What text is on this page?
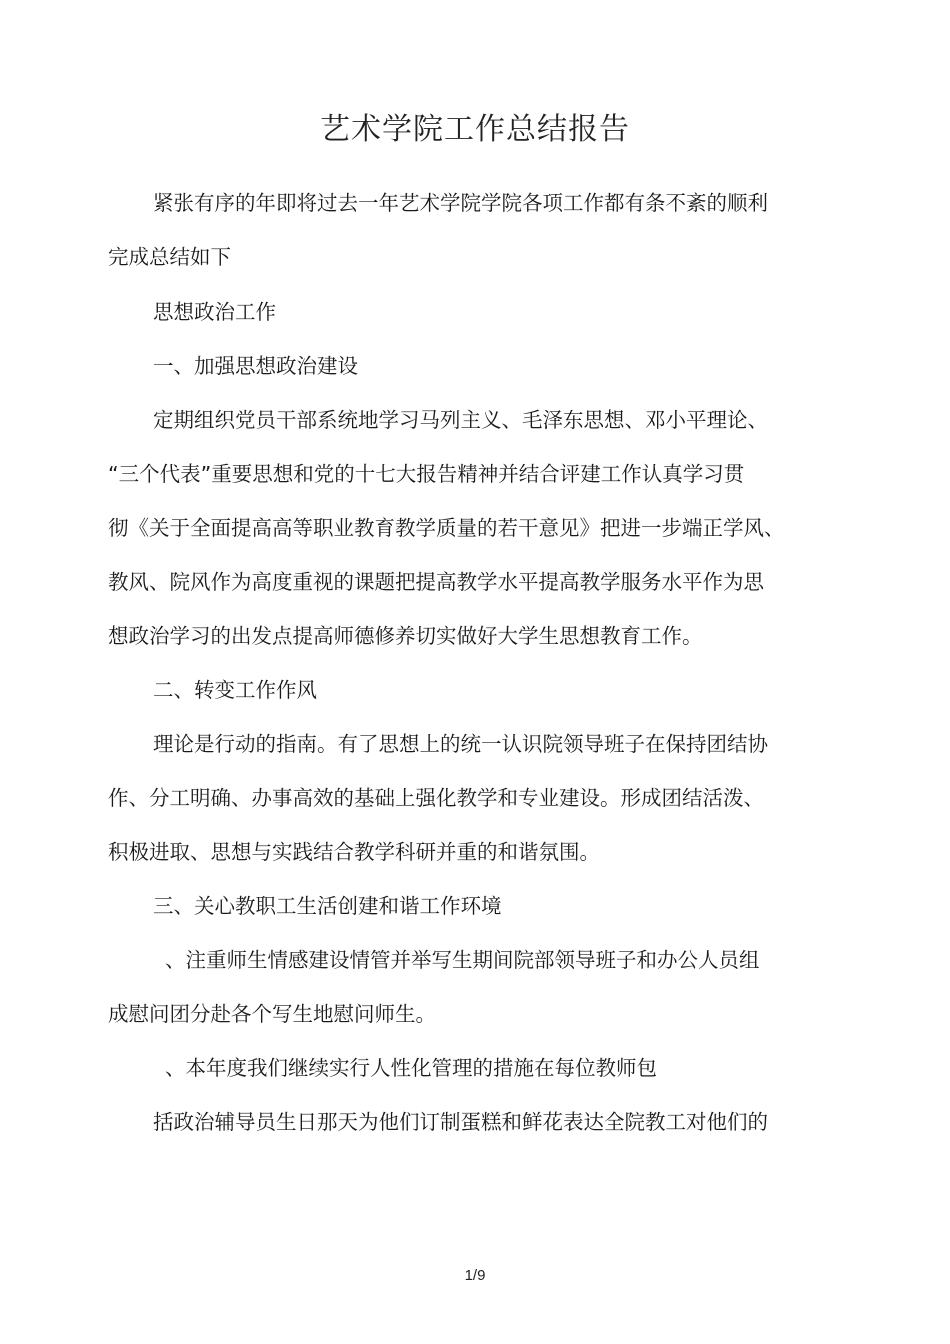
艺术学院工作总结报告
紧张有序的年即将过去一年艺术学院学院各项工作都有条不紊的顺利
完成总结如下
思想政治工作
一、加强思想政治建设
定期组织党员干部系统地学习马列主义、毛泽东思想、邓小平理论、
“三个代表”重要思想和党的十七大报告精神并结合评建工作认真学习贯
彻《关于全面提高高等职业教育教学质量的若干意见》把进一步端正学风、
教风、院风作为高度重视的课题把提高教学水平提高教学服务水平作为思
想政治学习的出发点提高师德修养切实做好大学生思想教育工作。
二、转变工作作风
理论是行动的指南。有了思想上的统一认识院领导班子在保持团结协
作、分工明确、办事高效的基础上强化教学和专业建设。形成团结活泼、
积极进取、思想与实践结合教学科研并重的和谐氛围。
三、关心教职工生活创建和谐工作环境
、注重师生情感建设情管并举写生期间院部领导班子和办公人员组
成慰问团分赴各个写生地慰问师生。
、本年度我们继续实行人性化管理的措施在每位教师包
括政治辅导员生日那天为他们订制蛋糕和鲜花表达全院教工对他们的
1/9
